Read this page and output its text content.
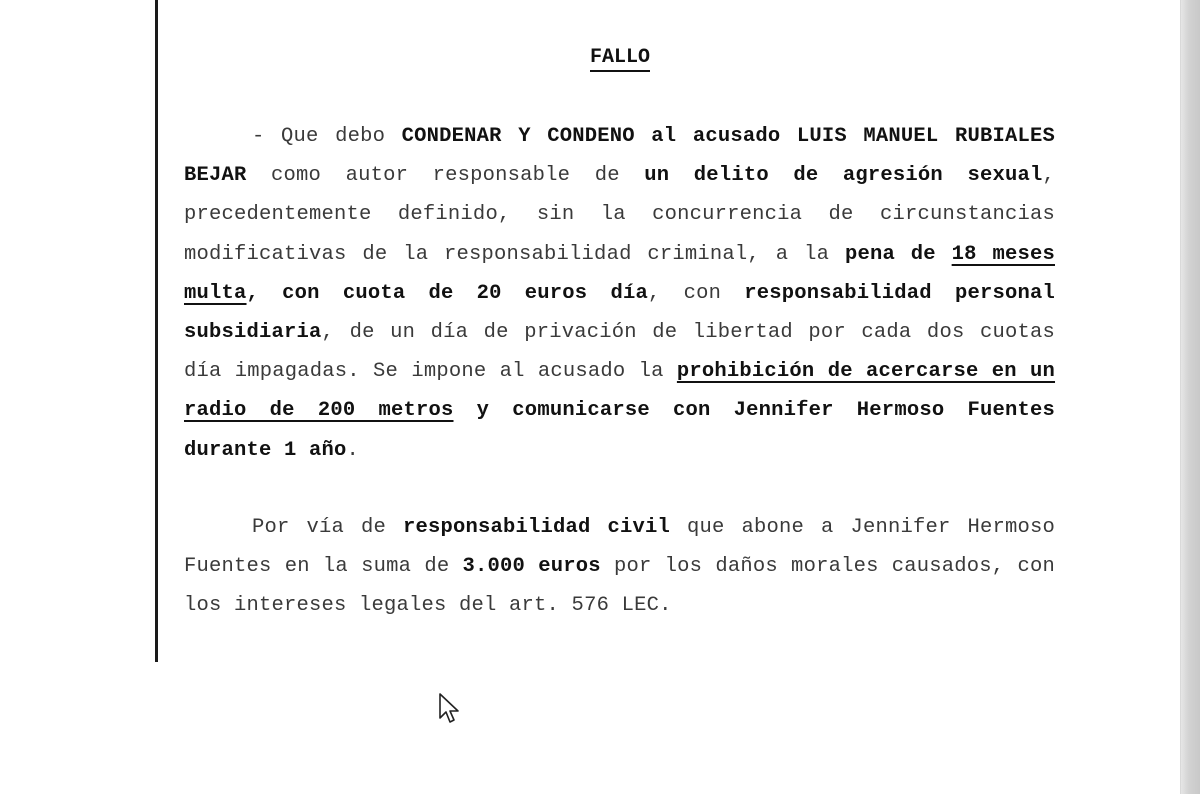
FALLO
- Que debo CONDENAR Y CONDENO al acusado LUIS MANUEL RUBIALES BEJAR como autor responsable de un delito de agresión sexual, precedentemente definido, sin la concurrencia de circunstancias modificativas de la responsabilidad criminal, a la pena de 18 meses multa, con cuota de 20 euros día, con responsabilidad personal subsidiaria, de un día de privación de libertad por cada dos cuotas día impagadas. Se impone al acusado la prohibición de acercarse en un radio de 200 metros y comunicarse con Jennifer Hermoso Fuentes durante 1 año.
Por vía de responsabilidad civil que abone a Jennifer Hermoso Fuentes en la suma de 3.000 euros por los daños morales causados, con los intereses legales del art. 576 LEC.
